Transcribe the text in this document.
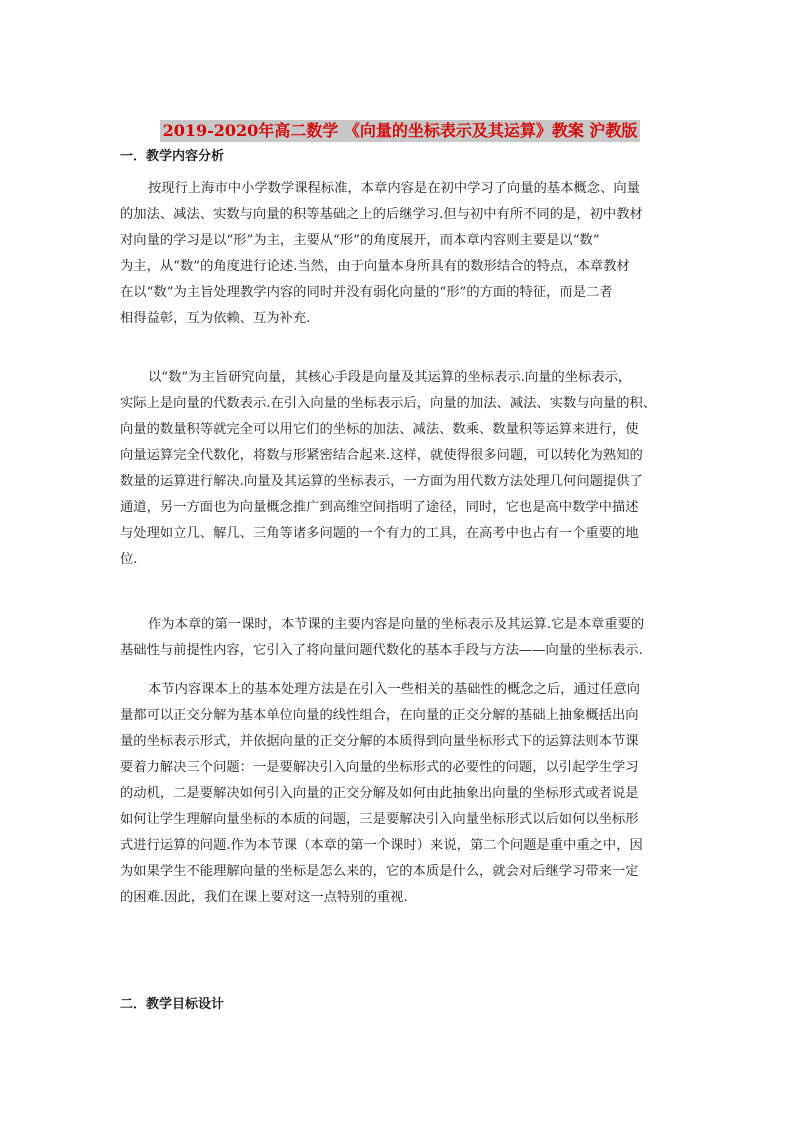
2019-2020年高二数学 《向量的坐标表示及其运算》教案 沪教版
一．教学内容分析
按现行上海市中小学数学课程标准，本章内容是在初中学习了向量的基本概念、向量
的加法、减法、实数与向量的积等基础之上的后继学习.但与初中有所不同的是，初中教材
对向量的学习是以“形”为主，主要从“形”的角度展开，而本章内容则主要是以“数”
为主，从“数”的角度进行论述.当然，由于向量本身所具有的数形结合的特点，本章教材
在以“数”为主旨处理教学内容的同时并没有弱化向量的“形”的方面的特征，而是二者
相得益彰，互为依赖、互为补充.
以“数”为主旨研究向量，其核心手段是向量及其运算的坐标表示.向量的坐标表示，
实际上是向量的代数表示.在引入向量的坐标表示后，向量的加法、减法、实数与向量的积、
向量的数量积等就完全可以用它们的坐标的加法、减法、数乘、数量积等运算来进行，使
向量运算完全代数化，将数与形紧密结合起来.这样，就使得很多问题，可以转化为熟知的
数量的运算进行解决.向量及其运算的坐标表示，一方面为用代数方法处理几何问题提供了
通道，另一方面也为向量概念推广到高维空间指明了途径，同时，它也是高中数学中描述
与处理如立几、解几、三角等诸多问题的一个有力的工具，在高考中也占有一个重要的地
位.
作为本章的第一课时，本节课的主要内容是向量的坐标表示及其运算.它是本章重要的
基础性与前提性内容，它引入了将向量问题代数化的基本手段与方法——向量的坐标表示.
本节内容课本上的基本处理方法是在引入一些相关的基础性的概念之后，通过任意向
量都可以正交分解为基本单位向量的线性组合，在向量的正交分解的基础上抽象概括出向
量的坐标表示形式，并依据向量的正交分解的本质得到向量坐标形式下的运算法则本节课
要着力解决三个问题：一是要解决引入向量的坐标形式的必要性的问题，以引起学生学习
的动机，二是要解决如何引入向量的正交分解及如何由此抽象出向量的坐标形式或者说是
如何让学生理解向量坐标的本质的问题，三是要解决引入向量坐标形式以后如何以坐标形
式进行运算的问题.作为本节课（本章的第一个课时）来说，第二个问题是重中重之中，因
为如果学生不能理解向量的坐标是怎么来的，它的本质是什么，就会对后继学习带来一定
的困难.因此，我们在课上要对这一点特别的重视.
二．教学目标设计
